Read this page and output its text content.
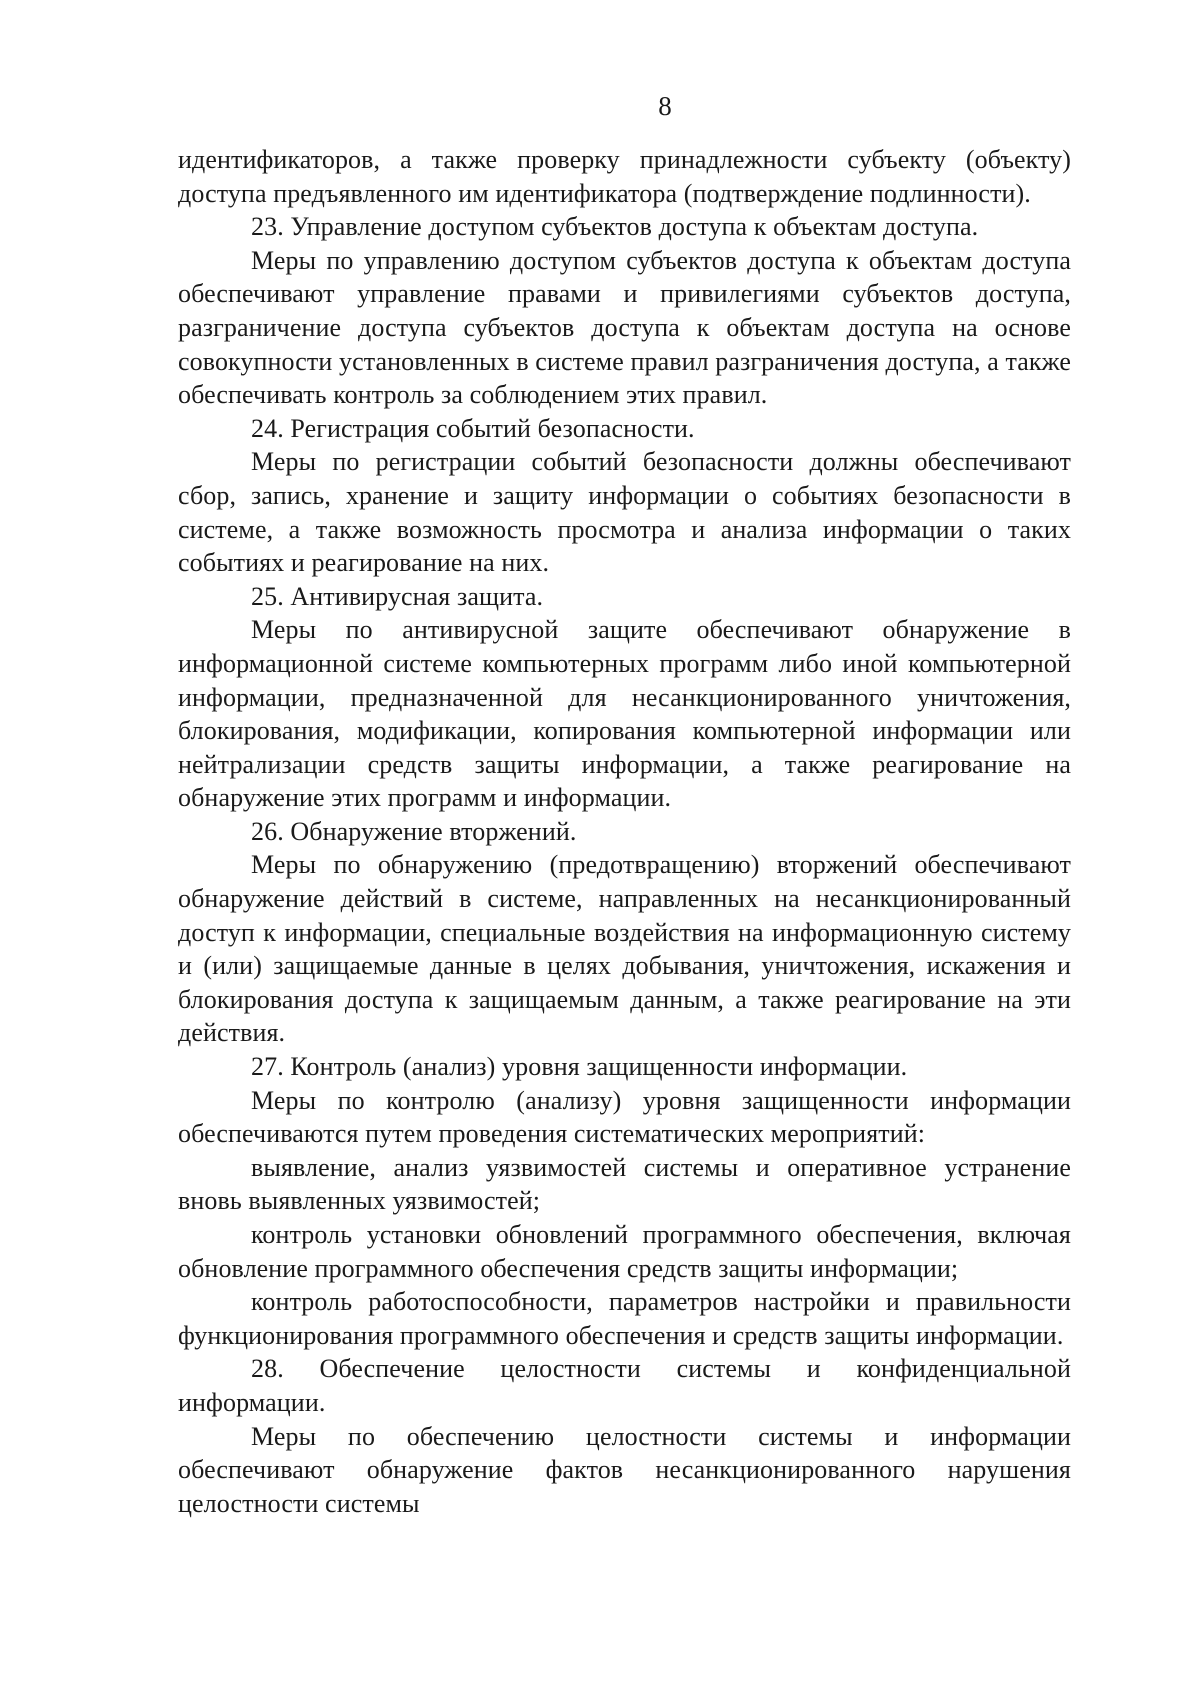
8

идентификаторов, а также проверку принадлежности субъекту (объекту) доступа предъявленного им идентификатора (подтверждение подлинности).

23. Управление доступом субъектов доступа к объектам доступа.

Меры по управлению доступом субъектов доступа к объектам доступа обеспечивают управление правами и привилегиями субъектов доступа, разграничение доступа субъектов доступа к объектам доступа на основе совокупности установленных в системе правил разграничения доступа, а также обеспечивать контроль за соблюдением этих правил.

24. Регистрация событий безопасности.

Меры по регистрации событий безопасности должны обеспечивают сбор, запись, хранение и защиту информации о событиях безопасности в системе, а также возможность просмотра и анализа информации о таких событиях и реагирование на них.

25. Антивирусная защита.

Меры по антивирусной защите обеспечивают обнаружение в информационной системе компьютерных программ либо иной компьютерной информации, предназначенной для несанкционированного уничтожения, блокирования, модификации, копирования компьютерной информации или нейтрализации средств защиты информации, а также реагирование на обнаружение этих программ и информации.

26. Обнаружение вторжений.

Меры по обнаружению (предотвращению) вторжений обеспечивают обнаружение действий в системе, направленных на несанкционированный доступ к информации, специальные воздействия на информационную систему и (или) защищаемые данные в целях добывания, уничтожения, искажения и блокирования доступа к защищаемым данным, а также реагирование на эти действия.

27. Контроль (анализ) уровня защищенности информации.

Меры по контролю (анализу) уровня защищенности информации обеспечиваются путем проведения систематических мероприятий:

выявление, анализ уязвимостей системы и оперативное устранение вновь выявленных уязвимостей;

контроль установки обновлений программного обеспечения, включая обновление программного обеспечения средств защиты информации;

контроль работоспособности, параметров настройки и правильности функционирования программного обеспечения и средств защиты информации.

28. Обеспечение целостности системы и конфиденциальной информации.

Меры по обеспечению целостности системы и информации обеспечивают обнаружение фактов несанкционированного нарушения целостности системы
